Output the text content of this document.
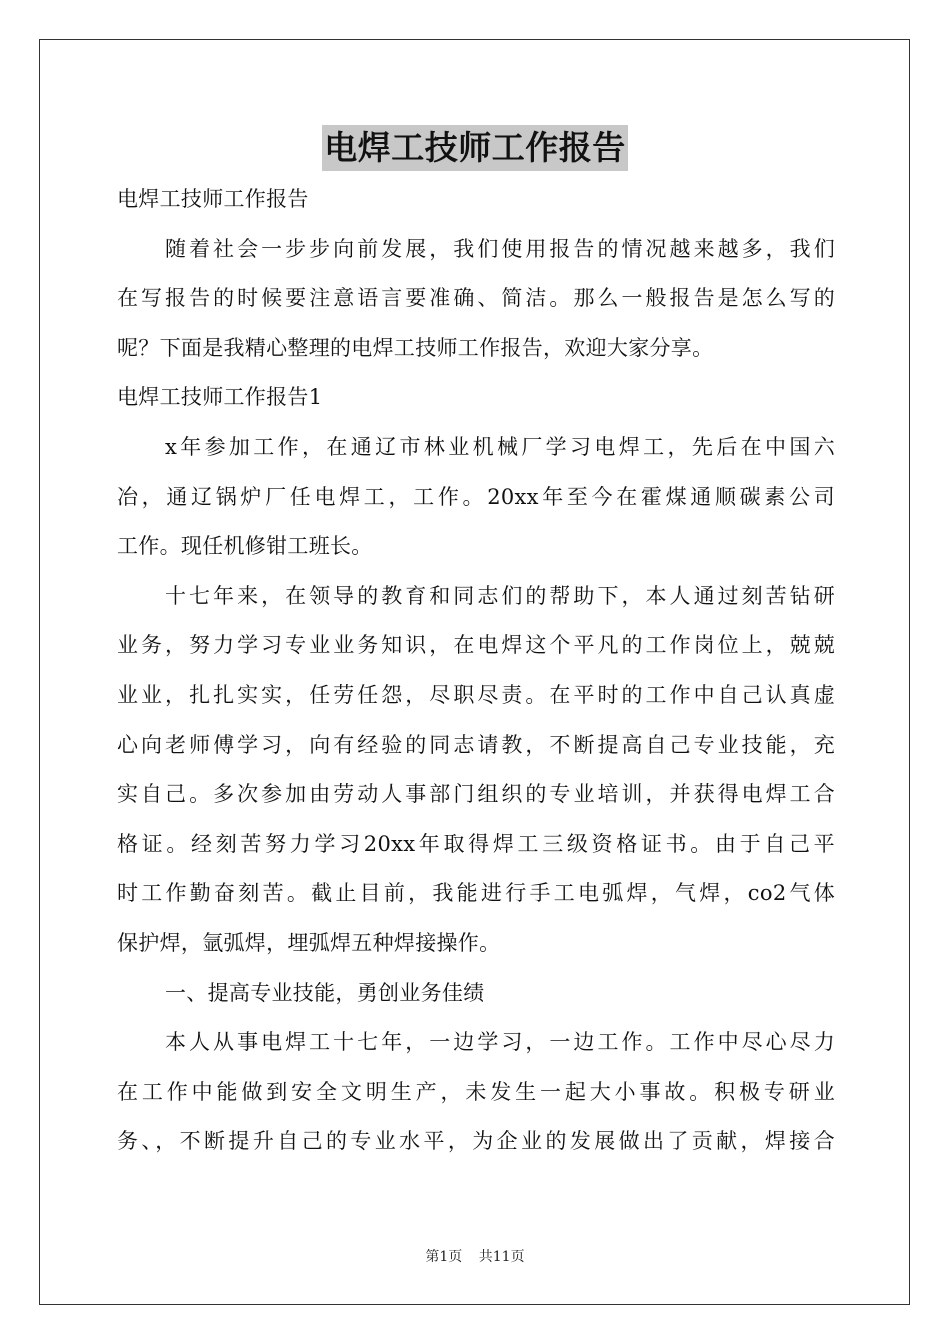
电焊工技师工作报告
电焊工技师工作报告
随着社会一步步向前发展，我们使用报告的情况越来越多，我们
在写报告的时候要注意语言要准确、简洁。那么一般报告是怎么写的
呢？下面是我精心整理的电焊工技师工作报告，欢迎大家分享。
电焊工技师工作报告1
x年参加工作，在通辽市林业机械厂学习电焊工，先后在中国六
冶，通辽锅炉厂任电焊工，工作。20xx年至今在霍煤通顺碳素公司
工作。现任机修钳工班长。
十七年来，在领导的教育和同志们的帮助下，本人通过刻苦钻研
业务，努力学习专业业务知识，在电焊这个平凡的工作岗位上，兢兢
业业，扎扎实实，任劳任怨，尽职尽责。在平时的工作中自己认真虚
心向老师傅学习，向有经验的同志请教，不断提高自己专业技能，充
实自己。多次参加由劳动人事部门组织的专业培训，并获得电焊工合
格证。经刻苦努力学习20xx年取得焊工三级资格证书。由于自己平
时工作勤奋刻苦。截止目前，我能进行手工电弧焊，气焊，co2气体
保护焊，氩弧焊，埋弧焊五种焊接操作。
一、提高专业技能，勇创业务佳绩
本人从事电焊工十七年，一边学习，一边工作。工作中尽心尽力
在工作中能做到安全文明生产，未发生一起大小事故。积极专研业
务、，不断提升自己的专业水平，为企业的发展做出了贡献，焊接合
第1页 共11页
